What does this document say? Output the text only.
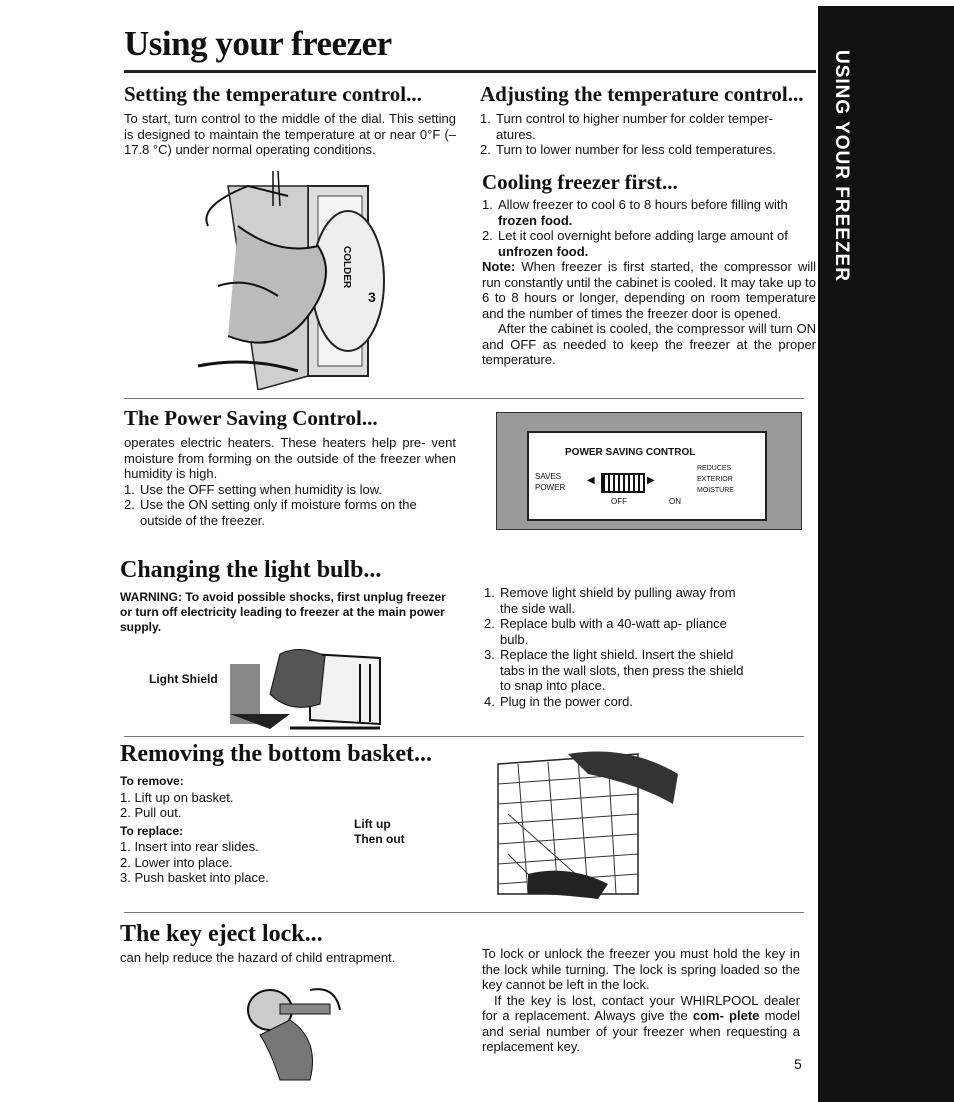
Using your freezer
USING YOUR FREEZER
Setting the temperature control...

To start, turn control to the middle of the dial. This setting is designed to maintain the temperature at or near 0°F (– 17.8 °C) under normal operating conditions.

COLDER
3
Adjusting the temperature control...
1. Turn control to higher number for colder temper- atures.
2. Turn to lower number for less cold temperatures.
Cooling freezer first...
1. Allow freezer to cool 6 to 8 hours before filling with frozen food.
2. Let it cool overnight before adding large amount of unfrozen food.

Note: When freezer is first started, the compressor will run constantly until the cabinet is cooled. It may take up to 6 to 8 hours or longer, depending on room temperature and the number of times the freezer door is opened.

After the cabinet is cooled, the compressor will turn ON and OFF as needed to keep the freezer at the proper temperature.

The Power Saving Control...

operates electric heaters. These heaters help pre- vent moisture from forming on the outside of the freezer when humidity is high.

1. Use the OFF setting when humidity is low.
2. Use the ON setting only if moisture forms on the outside of the freezer.
POWER SAVING CONTROL
SAVES
POWER
◀	▶
OFF	ON
REDUCES
EXTERIOR
MOISTURE
Changing the light bulb...
WARNING: To avoid possible shocks, first unplug freezer or turn off electricity leading to freezer at the main power supply.
Light Shield
1. Remove light shield by pulling away from the side wall.
2. Replace bulb with a 40-watt ap- pliance bulb.
3. Replace the light shield. Insert the shield tabs in the wall slots, then press the shield to snap into place.
4. Plug in the power cord.
Removing the bottom basket...
To remove:
1. Lift up on basket.
2. Pull out.
To replace:
1. Insert into rear slides.
2. Lower into place.
3. Push basket into place.
Lift up
Then out
The key eject lock...

can help reduce the hazard of child entrapment.	To lock or unlock the freezer you must hold the key in the lock while turning. The lock is spring loaded so the key cannot be left in the lock.

If the key is lost, contact your WHIRLPOOL dealer for a replacement. Always give the com- plete model and serial number of your freezer when requesting a replacement key.

5
